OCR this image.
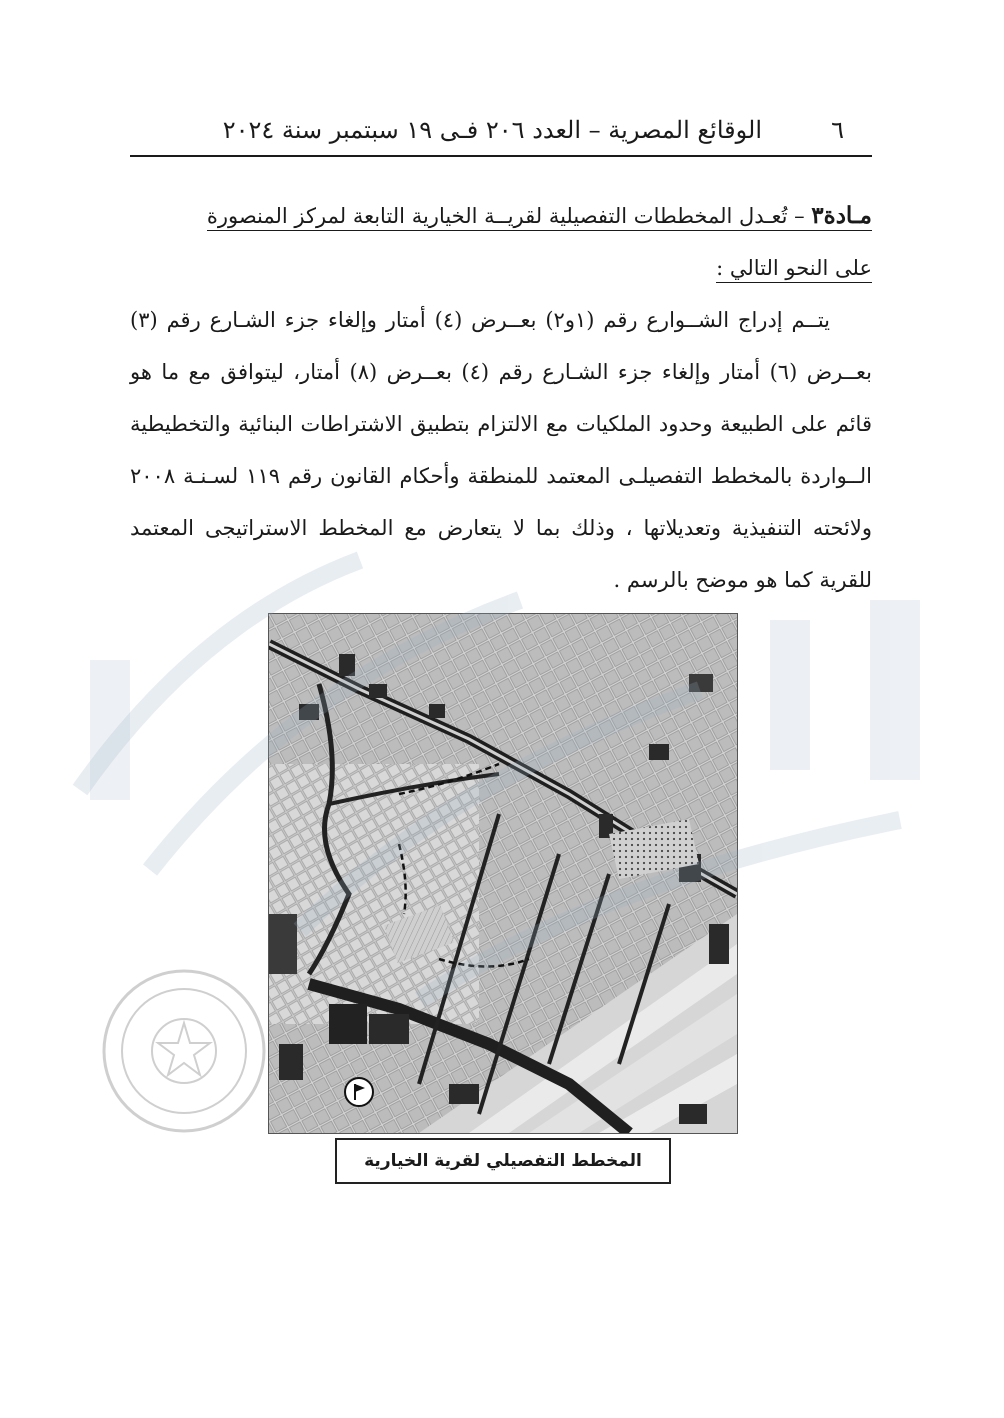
٦
الوقائع المصرية – العدد ٢٠٦ فـى ١٩ سبتمبر سنة ٢٠٢٤

مـادة٣ – تُعـدل المخططات التفصيلية لقريــة الخيارية التابعة لمركز المنصورة

على النحو التالي :

يتــم إدراج الشــوارع رقم (١و٢) بعــرض (٤) أمتار وإلغاء جزء الشـارع رقم (٣) بعــرض (٦) أمتار وإلغاء جزء الشـارع رقم (٤) بعــرض (٨) أمتار، ليتوافق مع ما هو قائم على الطبيعة وحدود الملكيات مع الالتزام بتطبيق الاشتراطات البنائية والتخطيطية الــواردة بالمخطط التفصيلـى المعتمد للمنطقة وأحكام القانون رقم ١١٩ لسـنـة ٢٠٠٨ ولائحته التنفيذية وتعديلاتها ، وذلك بما لا يتعارض مع المخطط الاستراتيجى المعتمد للقرية كما هو موضح بالرسم .

المخطط التفصيلي لقرية الخيارية
